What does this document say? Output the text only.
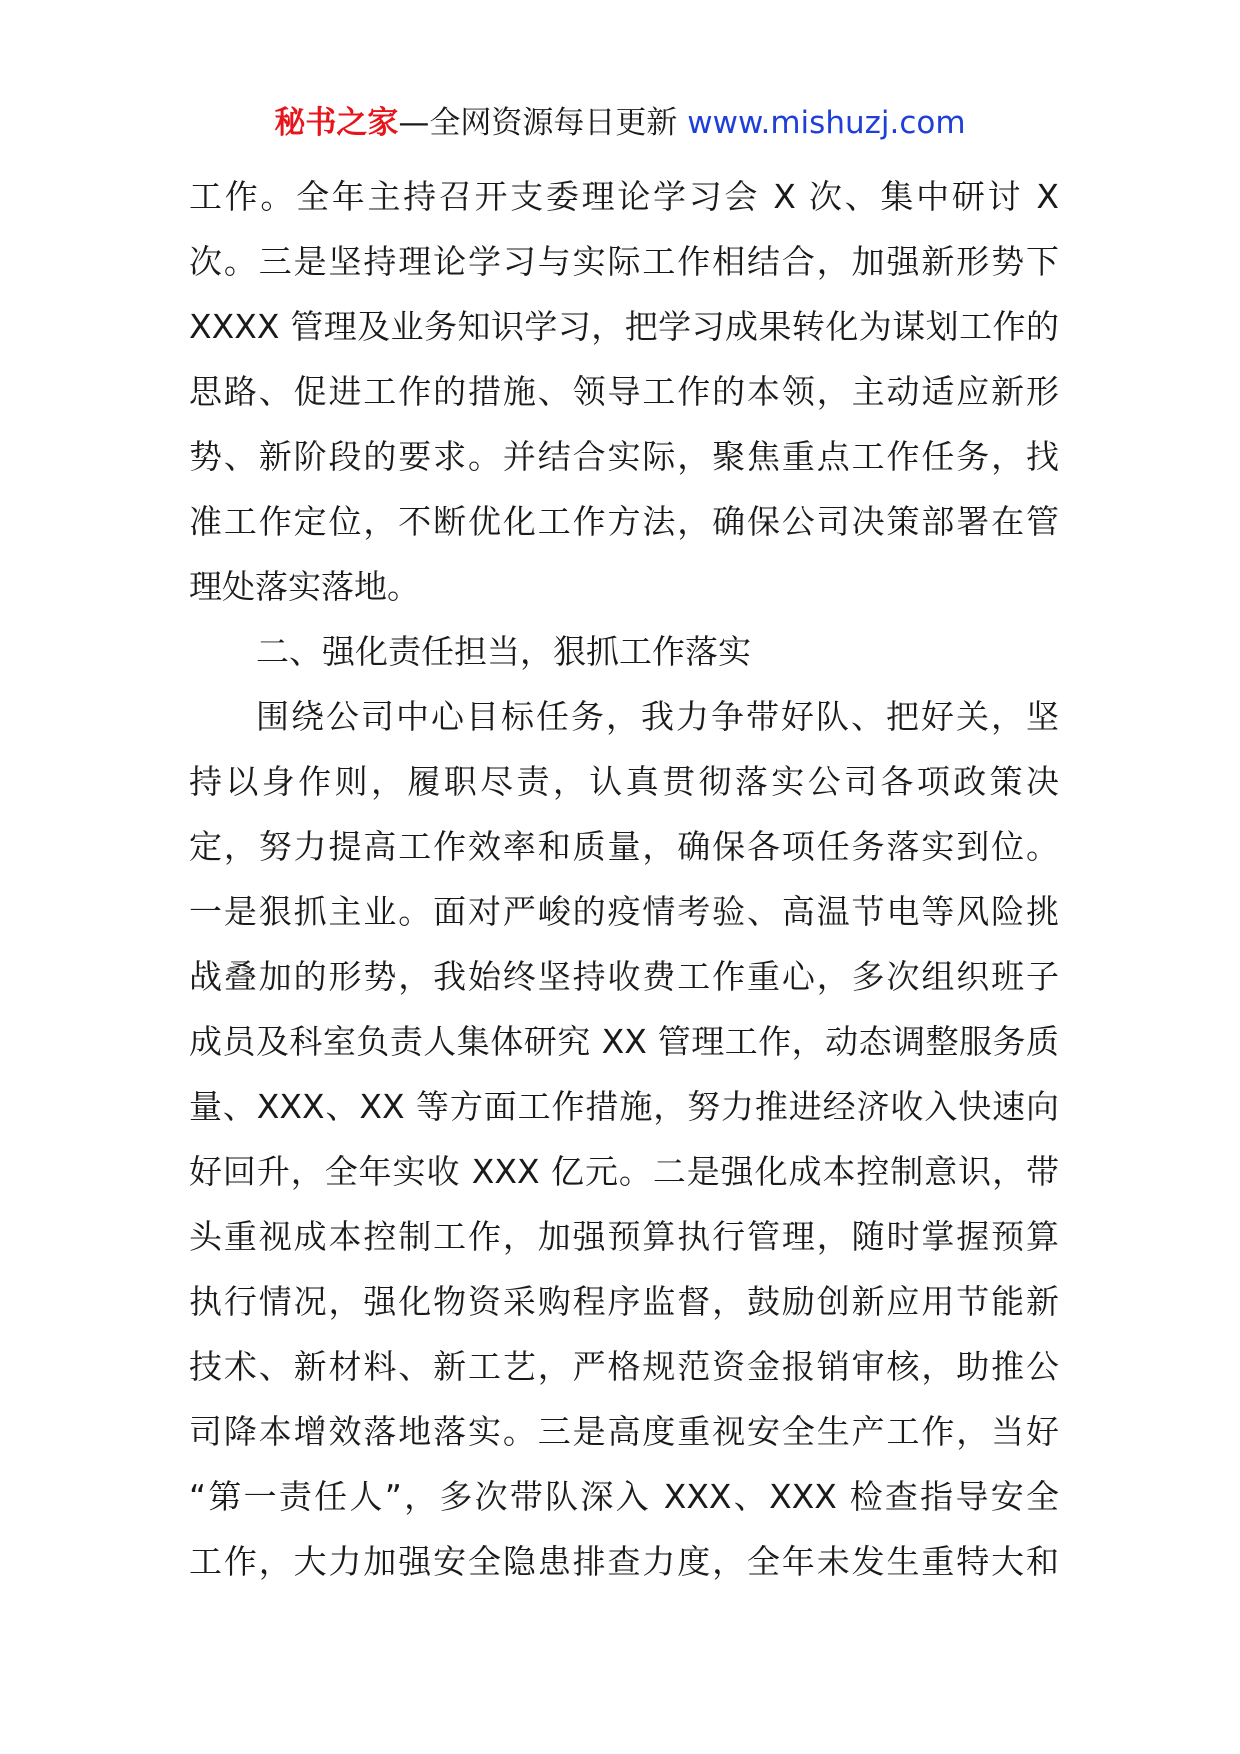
秘书之家—全网资源每日更新 www.mishuzj.com
工作。全年主持召开支委理论学习会 X 次、集中研讨 X
次。三是坚持理论学习与实际工作相结合，加强新形势下
XXXX 管理及业务知识学习，把学习成果转化为谋划工作的
思路、促进工作的措施、领导工作的本领，主动适应新形
势、新阶段的要求。并结合实际，聚焦重点工作任务，找
准工作定位，不断优化工作方法，确保公司决策部署在管
理处落实落地。
二、强化责任担当，狠抓工作落实
围绕公司中心目标任务，我力争带好队、把好关，坚
持以身作则，履职尽责，认真贯彻落实公司各项政策决
定，努力提高工作效率和质量，确保各项任务落实到位。
一是狠抓主业。面对严峻的疫情考验、高温节电等风险挑
战叠加的形势，我始终坚持收费工作重心，多次组织班子
成员及科室负责人集体研究 XX 管理工作，动态调整服务质
量、XXX、XX 等方面工作措施，努力推进经济收入快速向
好回升，全年实收 XXX 亿元。二是强化成本控制意识，带
头重视成本控制工作，加强预算执行管理，随时掌握预算
执行情况，强化物资采购程序监督，鼓励创新应用节能新
技术、新材料、新工艺，严格规范资金报销审核，助推公
司降本增效落地落实。三是高度重视安全生产工作，当好
“第一责任人”，多次带队深入 XXX、XXX 检查指导安全
工作，大力加强安全隐患排查力度，全年未发生重特大和
